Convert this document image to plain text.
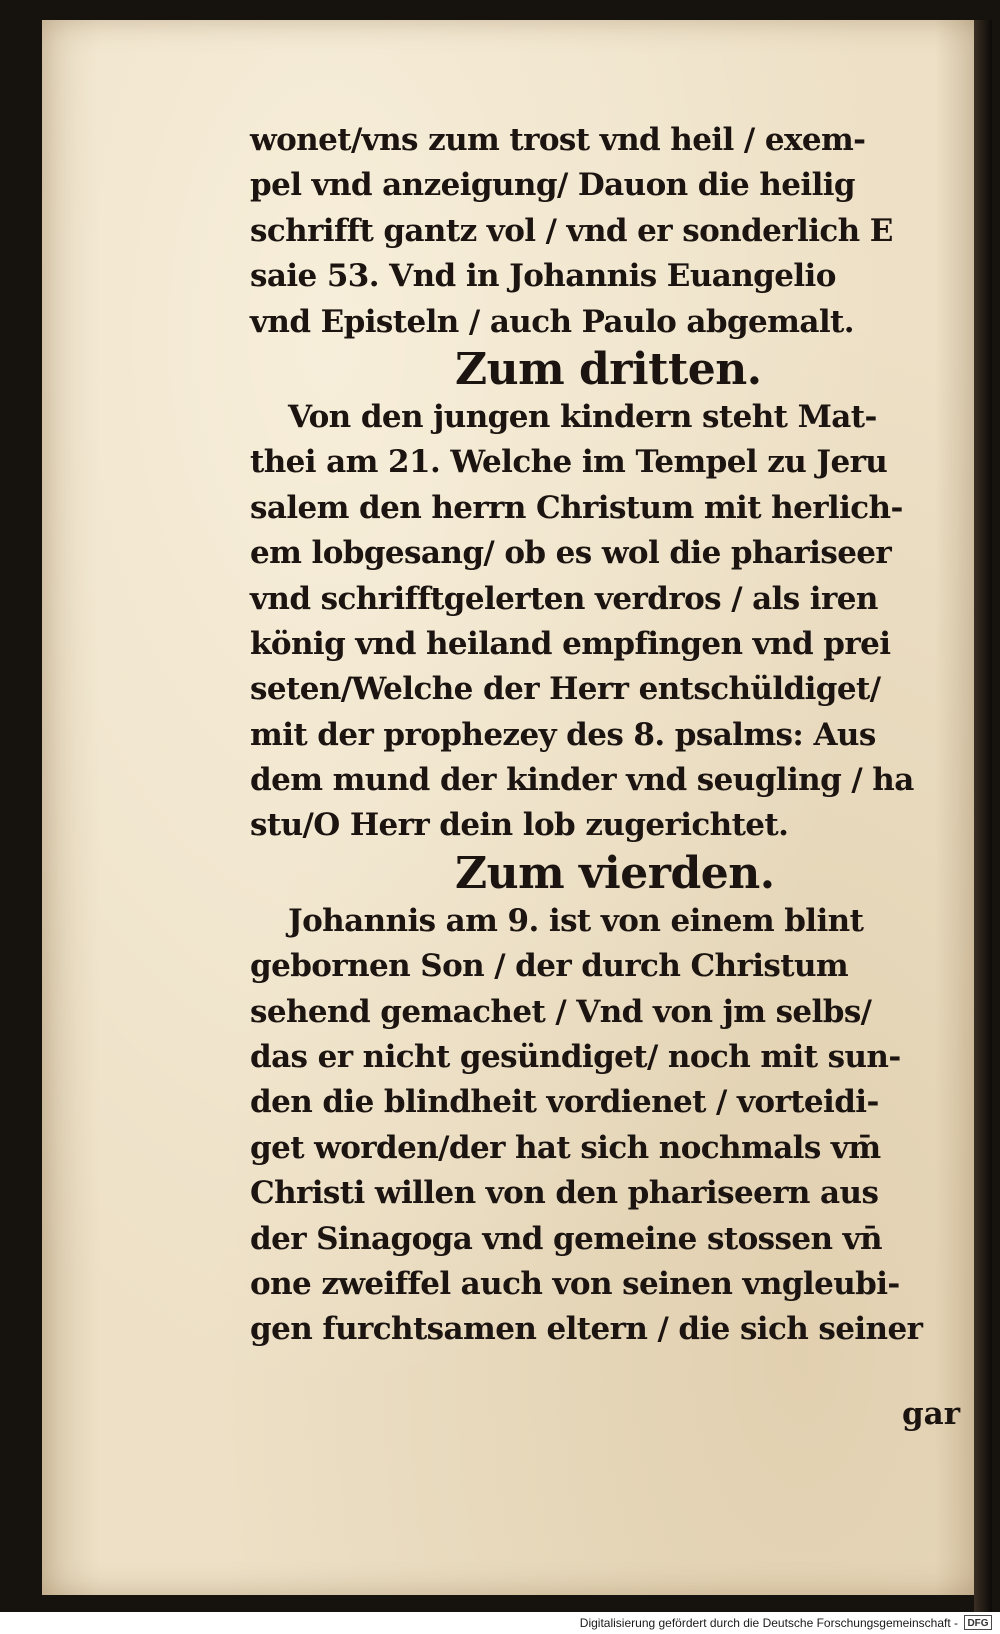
wonet/vns zum trost vnd heil / exem-
pel vnd anzeigung/ Dauon die heilig
schrifft gantz vol / vnd er sonderlich E
saie 53. Vnd in Johannis Euangelio
vnd Episteln / auch Paulo abgemalt.
Zum dritten.
Von den jungen kindern steht Mat-
thei am 21. Welche im Tempel zu Jeru
salem den herrn Christum mit herlich-
em lobgesang/ ob es wol die phariseer
vnd schrifftgelerten verdros / als iren
könig vnd heiland empfingen vnd prei
seten/Welche der Herr entschüldiget/
mit der prophezey des 8. psalms: Aus
dem mund der kinder vnd seugling / ha
stu/O Herr dein lob zugerichtet.
Zum vierden.
Johannis am 9. ist von einem blint
gebornen Son / der durch Christum
sehend gemachet / Vnd von jm selbs/
das er nicht gesündiget/ noch mit sun-
den die blindheit vordienet / vorteidi-
get worden/der hat sich nochmals vm̄
Christi willen von den phariseern aus
der Sinagoga vnd gemeine stossen vn̄
one zweiffel auch von seinen vngleubi-
gen furchtsamen eltern / die sich seiner
gar
Digitalisierung gefördert durch die Deutsche Forschungsgemeinschaft - DFG
